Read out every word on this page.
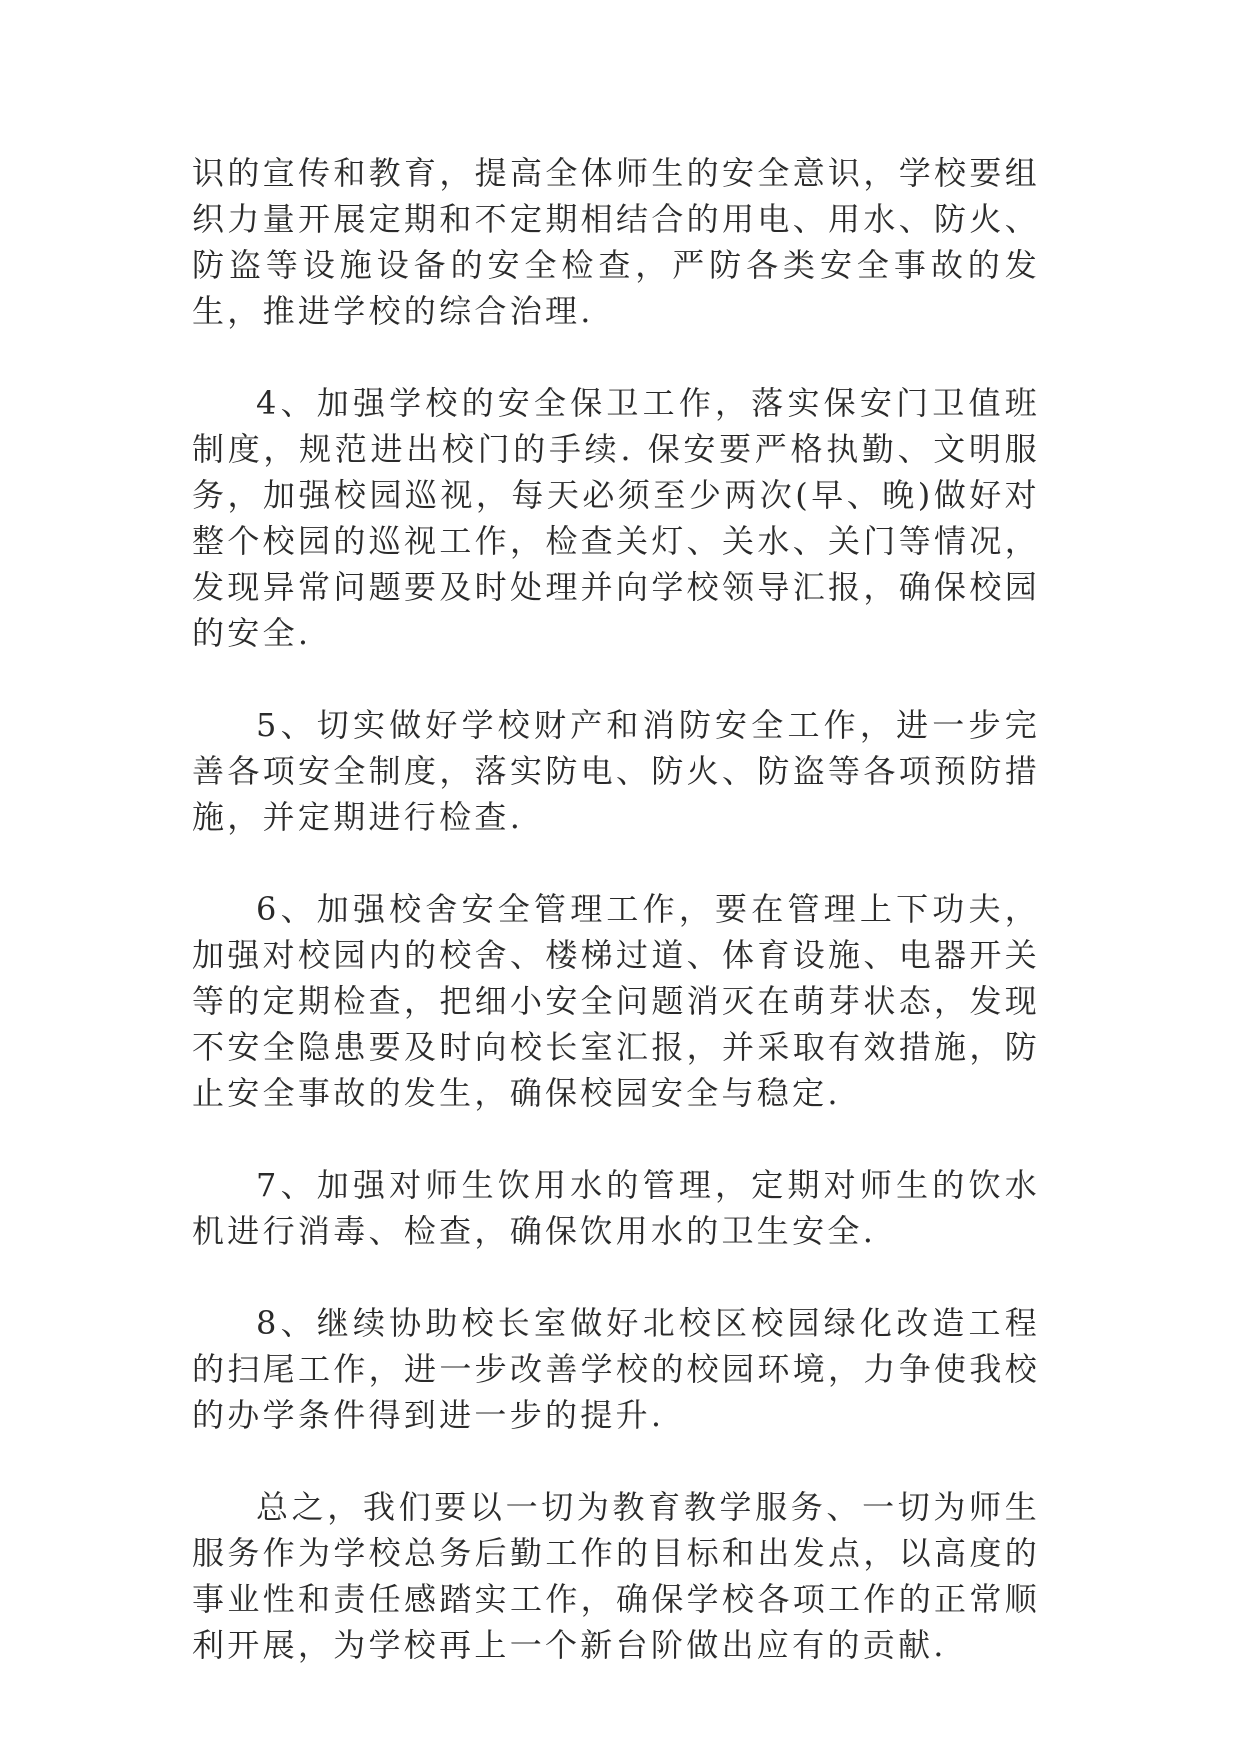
识的宣传和教育，提高全体师生的安全意识，学校要组织力量开展定期和不定期相结合的用电、用水、防火、防盗等设施设备的安全检查，严防各类安全事故的发生，推进学校的综合治理.

4、加强学校的安全保卫工作，落实保安门卫值班制度，规范进出校门的手续. 保安要严格执勤、文明服务，加强校园巡视，每天必须至少两次(早、晚)做好对整个校园的巡视工作，检查关灯、关水、关门等情况，发现异常问题要及时处理并向学校领导汇报，确保校园的安全.

5、切实做好学校财产和消防安全工作，进一步完善各项安全制度，落实防电、防火、防盗等各项预防措施，并定期进行检查.

6、加强校舍安全管理工作，要在管理上下功夫，加强对校园内的校舍、楼梯过道、体育设施、电器开关等的定期检查，把细小安全问题消灭在萌芽状态，发现不安全隐患要及时向校长室汇报，并采取有效措施，防止安全事故的发生，确保校园安全与稳定.

7、加强对师生饮用水的管理，定期对师生的饮水机进行消毒、检查，确保饮用水的卫生安全.

8、继续协助校长室做好北校区校园绿化改造工程的扫尾工作，进一步改善学校的校园环境，力争使我校的办学条件得到进一步的提升.

总之，我们要以一切为教育教学服务、一切为师生服务作为学校总务后勤工作的目标和出发点，以高度的事业性和责任感踏实工作，确保学校各项工作的正常顺利开展，为学校再上一个新台阶做出应有的贡献.
